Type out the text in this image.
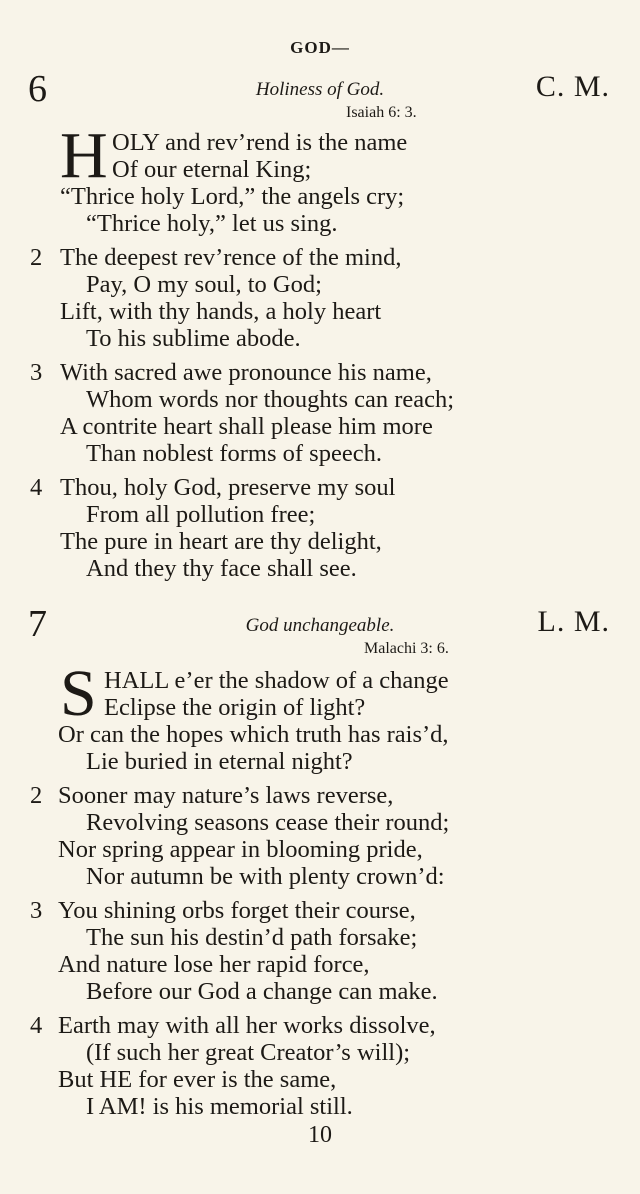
GOD—
6	Holiness of God.	C. M.
Isaiah 6: 3.
H OLY and rev’rend is the name
Of our eternal King;
“Thrice holy Lord,” the angels cry;
“Thrice holy,” let us sing.
2 The deepest rev’rence of the mind,
Pay, O my soul, to God;
Lift, with thy hands, a holy heart
To his sublime abode.
3 With sacred awe pronounce his name,
Whom words nor thoughts can reach;
A contrite heart shall please him more
Than noblest forms of speech.
4 Thou, holy God, preserve my soul
From all pollution free;
The pure in heart are thy delight,
And they thy face shall see.
7	God unchangeable.	L. M.
Malachi 3: 6.
S HALL e’er the shadow of a change
Eclipse the origin of light?
Or can the hopes which truth has rais’d,
Lie buried in eternal night?
2 Sooner may nature’s laws reverse,
Revolving seasons cease their round;
Nor spring appear in blooming pride,
Nor autumn be with plenty crown’d:
3 You shining orbs forget their course,
The sun his destin’d path forsake;
And nature lose her rapid force,
Before our God a change can make.
4 Earth may with all her works dissolve,
(If such her great Creator’s will);
But HE for ever is the same,
I AM! is his memorial still.
10
